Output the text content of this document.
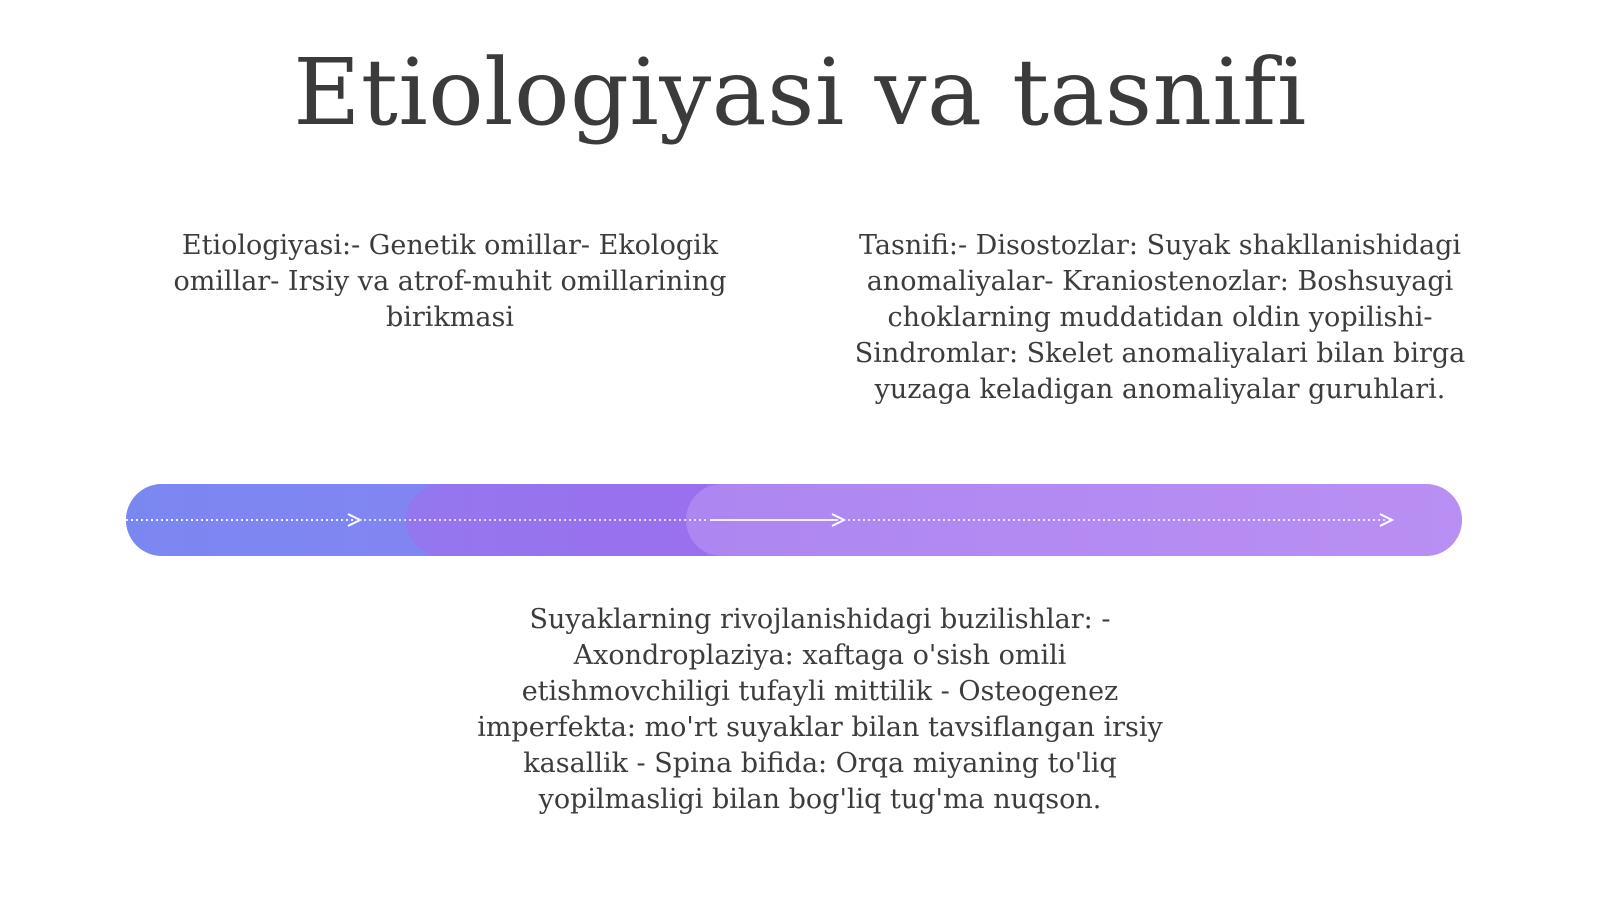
Etiologiyasi va tasnifi
Etiologiyasi:- Genetik omillar- Ekologik omillar- Irsiy va atrof-muhit omillarining birikmasi
Tasnifi:- Disostozlar: Suyak shakllanishidagi anomaliyalar- Kraniostenozlar: Boshsuyagi choklarning muddatidan oldin yopilishi- Sindromlar: Skelet anomaliyalari bilan birga yuzaga keladigan anomaliyalar guruhlari.
Suyaklarning rivojlanishidagi buzilishlar: - Axondroplaziya: xaftaga o'sish omili etishmovchiligi tufayli mittilik - Osteogenez imperfekta: mo'rt suyaklar bilan tavsiflangan irsiy kasallik - Spina bifida: Orqa miyaning to'liq yopilmasligi bilan bog'liq tug'ma nuqson.
